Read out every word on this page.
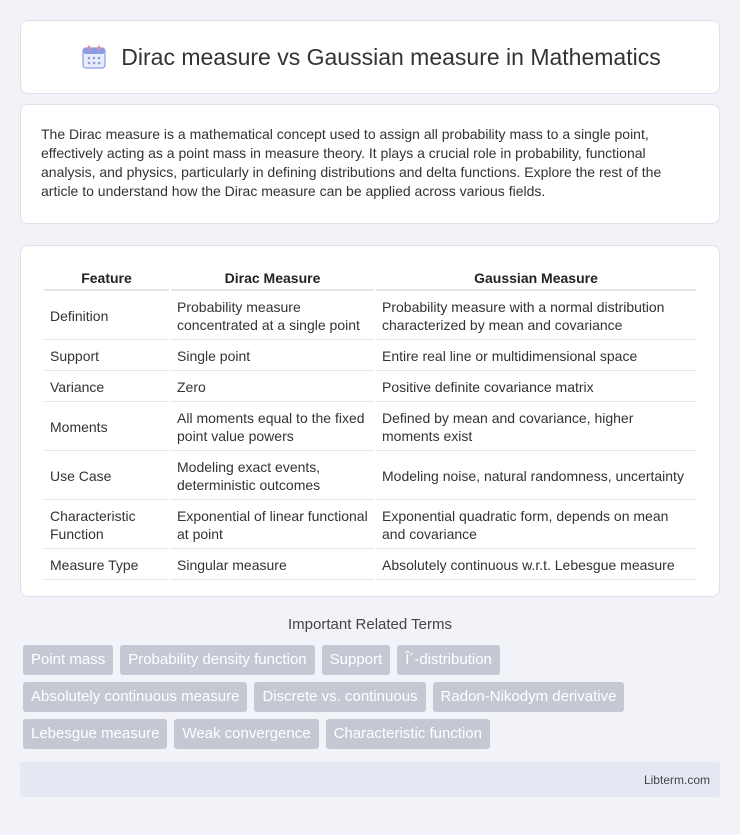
Dirac measure vs Gaussian measure in Mathematics

The Dirac measure is a mathematical concept used to assign all probability mass to a single point, effectively acting as a point mass in measure theory. It plays a crucial role in probability, functional analysis, and physics, particularly in defining distributions and delta functions. Explore the rest of the article to understand how the Dirac measure can be applied across various fields.

Feature	Dirac Measure	Gaussian Measure
Definition	Probability measure concentrated at a single point	Probability measure with a normal distribution characterized by mean and covariance
Support	Single point	Entire real line or multidimensional space
Variance	Zero	Positive definite covariance matrix
Moments	All moments equal to the fixed point value powers	Defined by mean and covariance, higher moments exist
Use Case	Modeling exact events, deterministic outcomes	Modeling noise, natural randomness, uncertainty
Characteristic Function	Exponential of linear functional at point	Exponential quadratic form, depends on mean and covariance
Measure Type	Singular measure	Absolutely continuous w.r.t. Lebesgue measure
Important Related Terms
Point mass	Probability density function	Support	Î´-distribution
Absolutely continuous measure	Discrete vs. continuous	Radon-Nikodym derivative
Lebesgue measure	Weak convergence	Characteristic function
Libterm.com
